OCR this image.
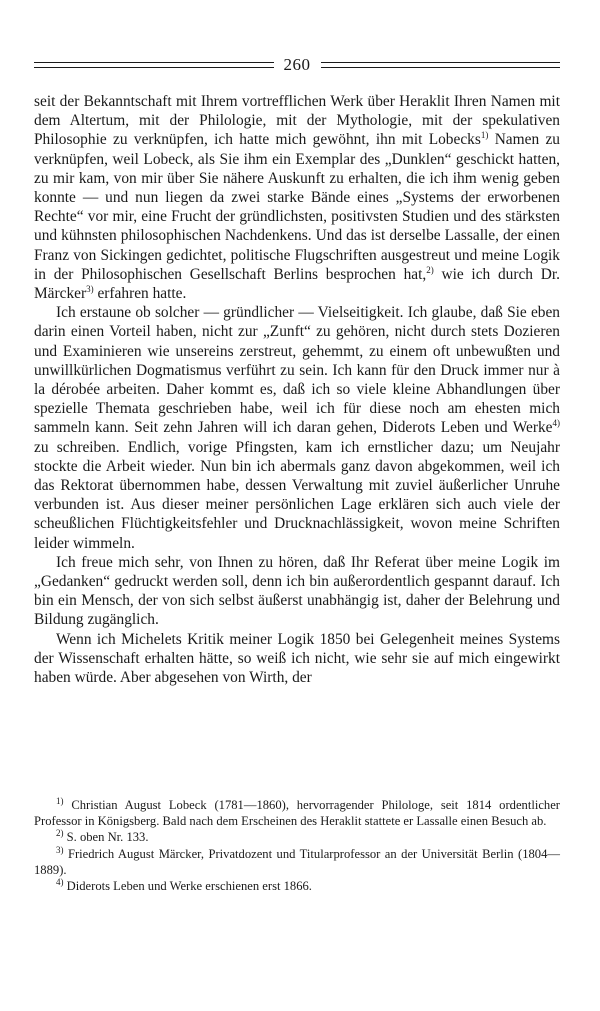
260

seit der Bekanntschaft mit Ihrem vortrefflichen Werk über Heraklit Ihren Namen mit dem Altertum, mit der Philologie, mit der Mythologie, mit der spekulativen Philosophie zu verknüpfen, ich hatte mich gewöhnt, ihn mit Lobecks$^{1)}$ Namen zu verknüpfen, weil Lobeck, als Sie ihm ein Exemplar des „Dunklen“ geschickt hatten, zu mir kam, von mir über Sie nähere Auskunft zu erhalten, die ich ihm wenig geben konnte — und nun liegen da zwei starke Bände eines „Systems der erworbenen Rechte“ vor mir, eine Frucht der gründlichsten, positivsten Studien und des stärksten und kühnsten philosophischen Nachdenkens. Und das ist derselbe Lassalle, der einen Franz von Sickingen gedichtet, politische Flugschriften ausgestreut und meine Logik in der Philosophischen Gesellschaft Berlins besprochen hat,$^{2)}$ wie ich durch Dr. Märcker$^{3)}$ erfahren hatte.

Ich erstaune ob solcher — gründlicher — Vielseitigkeit. Ich glaube, daß Sie eben darin einen Vorteil haben, nicht zur „Zunft“ zu gehören, nicht durch stets Dozieren und Examinieren wie unsereins zerstreut, gehemmt, zu einem oft unbewußten und unwillkürlichen Dogmatismus verführt zu sein. Ich kann für den Druck immer nur à la dérobée arbeiten. Daher kommt es, daß ich so viele kleine Abhandlungen über spezielle Themata geschrieben habe, weil ich für diese noch am ehesten mich sammeln kann. Seit zehn Jahren will ich daran gehen, Diderots Leben und Werke$^{4)}$ zu schreiben. Endlich, vorige Pfingsten, kam ich ernstlicher dazu; um Neujahr stockte die Arbeit wieder. Nun bin ich abermals ganz davon abgekommen, weil ich das Rektorat übernommen habe, dessen Verwaltung mit zuviel äußerlicher Unruhe verbunden ist. Aus dieser meiner persönlichen Lage erklären sich auch viele der scheußlichen Flüchtigkeitsfehler und Drucknachlässigkeit, wovon meine Schriften leider wimmeln.

Ich freue mich sehr, von Ihnen zu hören, daß Ihr Referat über meine Logik im „Gedanken“ gedruckt werden soll, denn ich bin außerordentlich gespannt darauf. Ich bin ein Mensch, der von sich selbst äußerst unabhängig ist, daher der Belehrung und Bildung zugänglich.

Wenn ich Michelets Kritik meiner Logik 1850 bei Gelegenheit meines Systems der Wissenschaft erhalten hätte, so weiß ich nicht, wie sehr sie auf mich eingewirkt haben würde. Aber abgesehen von Wirth, der

$^{1)}$ Christian August Lobeck (1781—1860), hervorragender Philologe, seit 1814 ordentlicher Professor in Königsberg. Bald nach dem Erscheinen des Heraklit stattete er Lassalle einen Besuch ab.

$^{2)}$ S. oben Nr. 133.

$^{3)}$ Friedrich August Märcker, Privatdozent und Titularprofessor an der Universität Berlin (1804—1889).

$^{4)}$ Diderots Leben und Werke erschienen erst 1866.
